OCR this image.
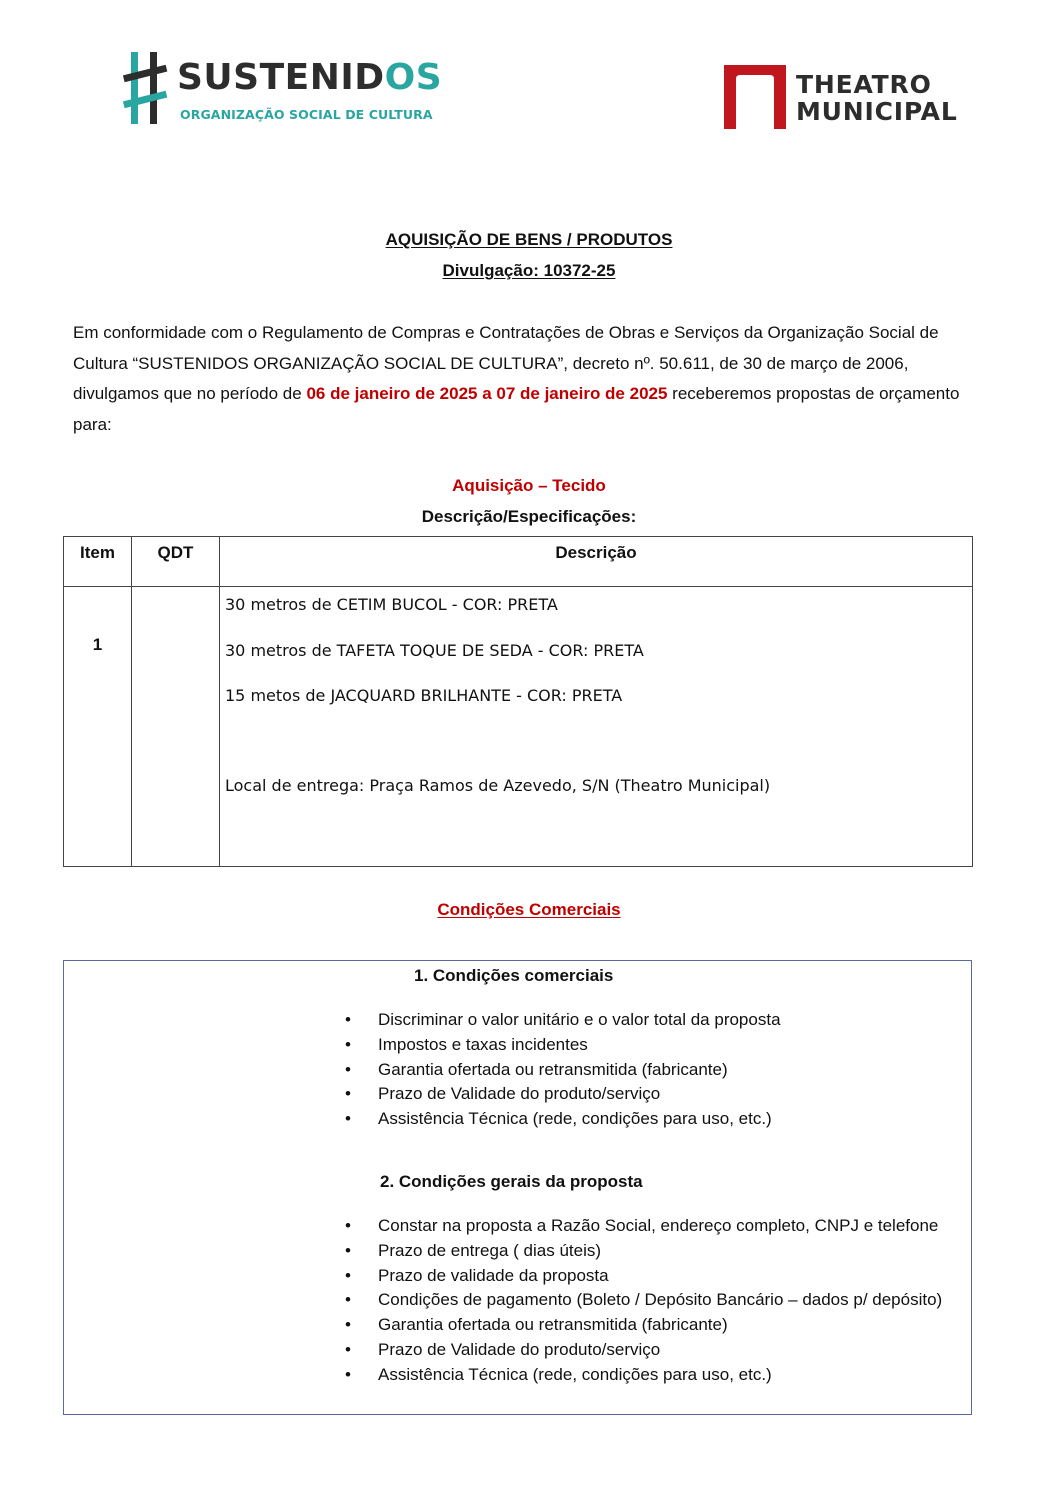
SUSTENIDOS
ORGANIZAÇÃO SOCIAL DE CULTURA
THEATRO
MUNICIPAL
AQUISIÇÃO DE BENS / PRODUTOS
Divulgação: 10372-25

Em conformidade com o Regulamento de Compras e Contratações de Obras e Serviços da Organização Social de Cultura “SUSTENIDOS ORGANIZAÇÃO SOCIAL DE CULTURA”, decreto nº. 50.611, de 30 de março de 2006, divulgamos que no período de 06 de janeiro de 2025 a 07 de janeiro de 2025 receberemos propostas de orçamento para:

Aquisição – Tecido
Descrição/Especificações:
Item	QDT	Descrição

1		30 metros de CETIM BUCOL - COR: PRETA
30 metros de TAFETA TOQUE DE SEDA - COR: PRETA
15 metos de JACQUARD BRILHANTE - COR: PRETA
Local de entrega: Praça Ramos de Azevedo, S/N (Theatro Municipal)
Condições Comerciais
1. Condições comerciais
• Discriminar o valor unitário e o valor total da proposta
• Impostos e taxas incidentes
• Garantia ofertada ou retransmitida (fabricante)
• Prazo de Validade do produto/serviço
• Assistência Técnica (rede, condições para uso, etc.)
2. Condições gerais da proposta
• Constar na proposta a Razão Social, endereço completo, CNPJ e telefone
• Prazo de entrega ( dias úteis)
• Prazo de validade da proposta
• Condições de pagamento (Boleto / Depósito Bancário – dados p/ depósito)
• Garantia ofertada ou retransmitida (fabricante)
• Prazo de Validade do produto/serviço
• Assistência Técnica (rede, condições para uso, etc.)
